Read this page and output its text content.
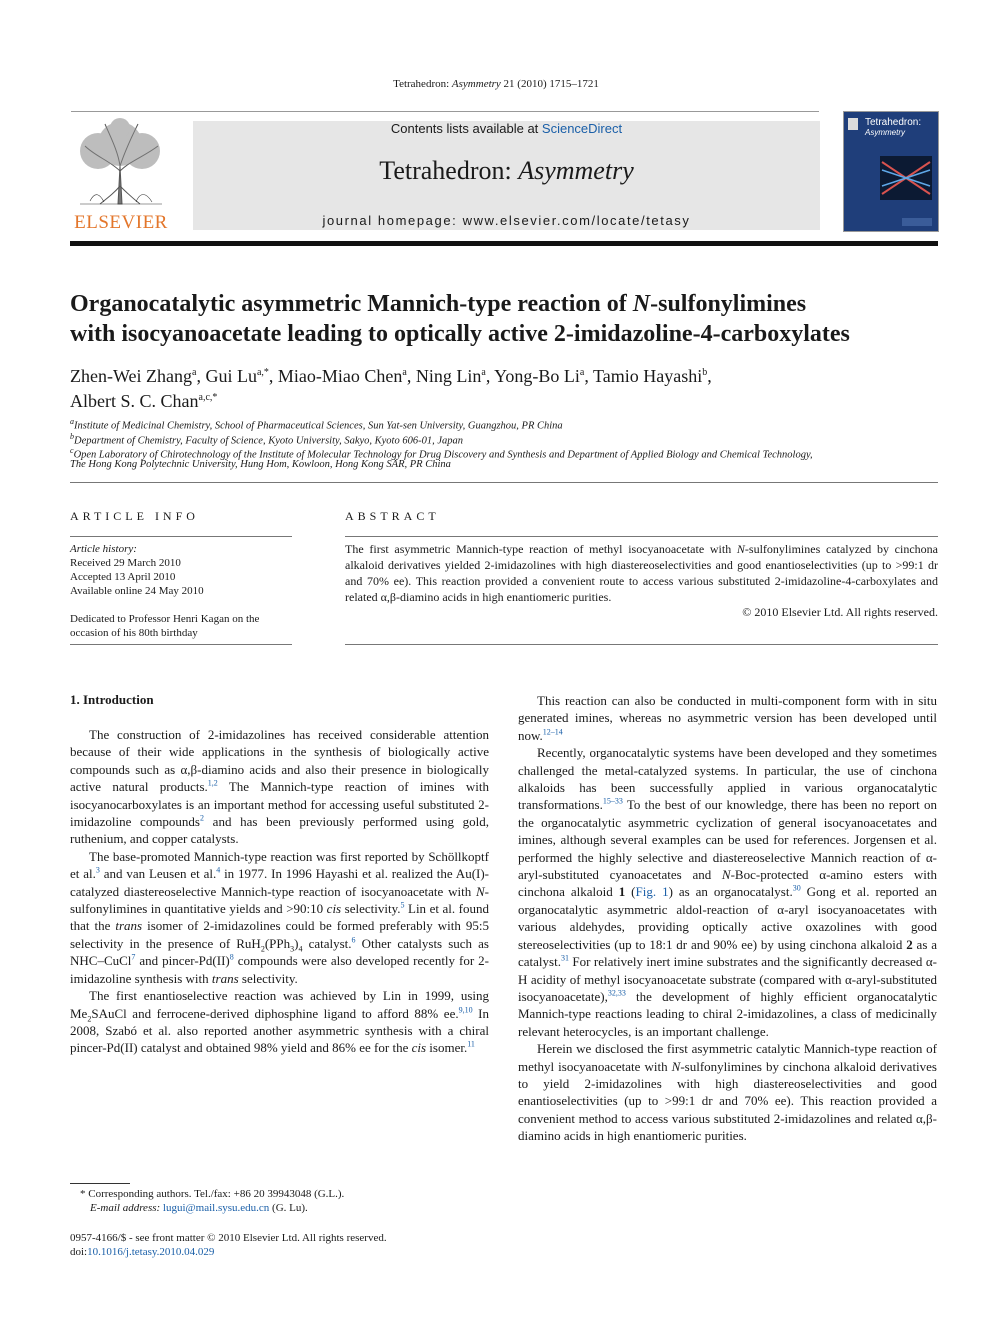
Tetrahedron: Asymmetry 21 (2010) 1715–1721
ELSEVIER
Contents lists available at ScienceDirect
Tetrahedron: Asymmetry
journal homepage: www.elsevier.com/locate/tetasy
Tetrahedron:
Asymmetry
Organocatalytic asymmetric Mannich-type reaction of N-sulfonylimines
with isocyanoacetate leading to optically active 2-imidazoline-4-carboxylates
Zhen-Wei Zhang$^a$, Gui $Lu^{a,*}$, Miao-Miao Chen$^a$, Ning Lin$^a$, Yong-Bo Li$^a$, Tamio Hayashi$^b$,
Albert S. C. Chan$^{a,c,*}$
$^a$Institute of Medicinal Chemistry, School of Pharmaceutical Sciences, Sun Yat-sen University, Guangzhou, PR China
$^b$Department of Chemistry, Faculty of Science, Kyoto University, Sakyo, Kyoto 606-01, Japan
$^c$Open Laboratory of Chirotechnology of the Institute of Molecular Technology for Drug Discovery and Synthesis and Department of Applied Biology and Chemical Technology,
The Hong Kong Polytechnic University, Hung Hom, Kowloon, Hong Kong SAR, PR China
ARTICLE INFO	ABSTRACT
Article history:
Received 29 March 2010
Accepted 13 April 2010
Available online 24 May 2010
Dedicated to Professor Henri Kagan on the occasion of his 80th birthday
The first asymmetric Mannich-type reaction of methyl isocyanoacetate with N-sulfonylimines catalyzed by cinchona alkaloid derivatives yielded 2-imidazolines with high diastereoselectivities and good enantioselectivities (up to >99:1 dr and 70% ee). This reaction provided a convenient route to access various substituted 2-imidazoline-4-carboxylates and related α,β-diamino acids in high enantiomeric purities.
© 2010 Elsevier Ltd. All rights reserved.
1. Introduction

The construction of 2-imidazolines has received considerable attention because of their wide applications in the synthesis of biologically active compounds such as α,β-diamino acids and also their presence in biologically active natural products.$^{1,2}$ The Mannich-type reaction of imines with isocyanocarboxylates is an important method for accessing useful substituted 2-imidazoline compounds$^2$ and has been previously performed using gold, ruthenium, and copper catalysts.

The base-promoted Mannich-type reaction was first reported by Schöllkoptf et al.$^3$ and van Leusen et al.$^4$ in 1977. In 1996 Hayashi et al. realized the Au(I)-catalyzed diastereoselective Mannich-type reaction of isocyanoacetate with N-sulfonylimines in quantitative yields and >90:10 cis selectivity.$^5$ Lin et al. found that the trans isomer of 2-imidazolines could be formed preferably with 95:5 selectivity in the presence of $RuH_2(PPh_3)_4$ catalyst.$^6$ Other catalysts such as NHC–CuCl$^7$ and pincer-Pd(II)$^8$ compounds were also developed recently for 2-imidazoline synthesis with trans selectivity.

The first enantioselective reaction was achieved by Lin in 1999, using $Me_2SAuCl$ and ferrocene-derived diphosphine ligand to afford 88% ee.$^{9,10}$ In 2008, Szabó et al. also reported another asymmetric synthesis with a chiral pincer-Pd(II) catalyst and obtained 98% yield and 86% ee for the cis isomer.$^{11}$

This reaction can also be conducted in multi-component form with in situ generated imines, whereas no asymmetric version has been developed until now.$^{12-14}$

Recently, organocatalytic systems have been developed and they sometimes challenged the metal-catalyzed systems. In particular, the use of cinchona alkaloids has been successfully applied in various organocatalytic transformations.$^{15-33}$ To the best of our knowledge, there has been no report on the organocatalytic asymmetric cyclization of general isocyanoacetates and imines, although several examples can be used for references. Jorgensen et al. performed the highly selective and diastereoselective Mannich reaction of α-aryl-substituted cyanoacetates and N-Boc-protected α-amino esters with cinchona alkaloid 1 (Fig. 1) as an organocatalyst.$^{30}$ Gong et al. reported an organocatalytic asymmetric aldol-reaction of α-aryl isocyanoacetates with various aldehydes, providing optically active oxazolines with good stereoselectivities (up to 18:1 dr and 90% ee) by using cinchona alkaloid 2 as a catalyst.$^{31}$ For relatively inert imine substrates and the significantly decreased α-H acidity of methyl isocyanoacetate substrate (compared with α-aryl-substituted isocyanoacetate),$^{32,33}$ the development of highly efficient organocatalytic Mannich-type reactions leading to chiral 2-imidazolines, a class of medicinally relevant heterocycles, is an important challenge.

Herein we disclosed the first asymmetric catalytic Mannich-type reaction of methyl isocyanoacetate with N-sulfonylimines by cinchona alkaloid derivatives to yield 2-imidazolines with high diastereoselectivities and good enantioselectivities (up to >99:1 dr and 70% ee). This reaction provided a convenient method to access various substituted 2-imidazolines and related α,β-diamino acids in high enantiomeric purities.

* Corresponding authors. Tel./fax: +86 20 39943048 (G.L.).
E-mail address: lugui@mail.sysu.edu.cn (G. Lu).
0957-4166/$ - see front matter © 2010 Elsevier Ltd. All rights reserved.
doi:10.1016/j.tetasy.2010.04.029
